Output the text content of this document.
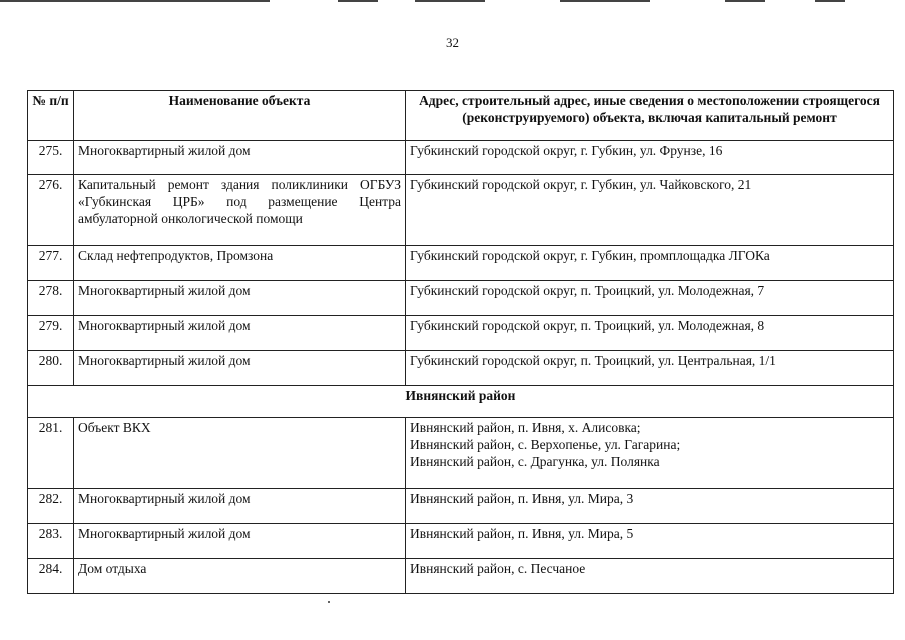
32
№ п/п	Наименование объекта	Адрес, строительный адрес, иные сведения о местоположении строящегося (реконструируемого) объекта, включая капитальный ремонт
275.	Многоквартирный жилой дом	Губкинский городской округ, г. Губкин, ул. Фрунзе, 16

276.	Капитальный ремонт здания поликлиники ОГБУЗ «Губкинская ЦРБ» под размещение Центра амбулаторной онкологической помощи	Губкинский городской округ, г. Губкин, ул. Чайковского, 21

277.	Склад нефтепродуктов, Промзона	Губкинский городской округ, г. Губкин, промплощадка ЛГОКа

278.	Многоквартирный жилой дом	Губкинский городской округ, п. Троицкий, ул. Молодежная, 7

279.	Многоквартирный жилой дом	Губкинский городской округ, п. Троицкий, ул. Молодежная, 8

280.	Многоквартирный жилой дом	Губкинский городской округ, п. Троицкий, ул. Центральная, 1/1

Ивнянский район		
281.	Объект ВКХ	Ивнянский район, п. Ивня, х. Алисовка;
Ивнянский район, с. Верхопенье, ул. Гагарина;
Ивнянский район, с. Драгунка, ул. Полянка

282.	Многоквартирный жилой дом	Ивнянский район, п. Ивня, ул. Мира, 3

283.	Многоквартирный жилой дом	Ивнянский район, п. Ивня, ул. Мира, 5

284.	Дом отдыха	Ивнянский район, с. Песчаное
